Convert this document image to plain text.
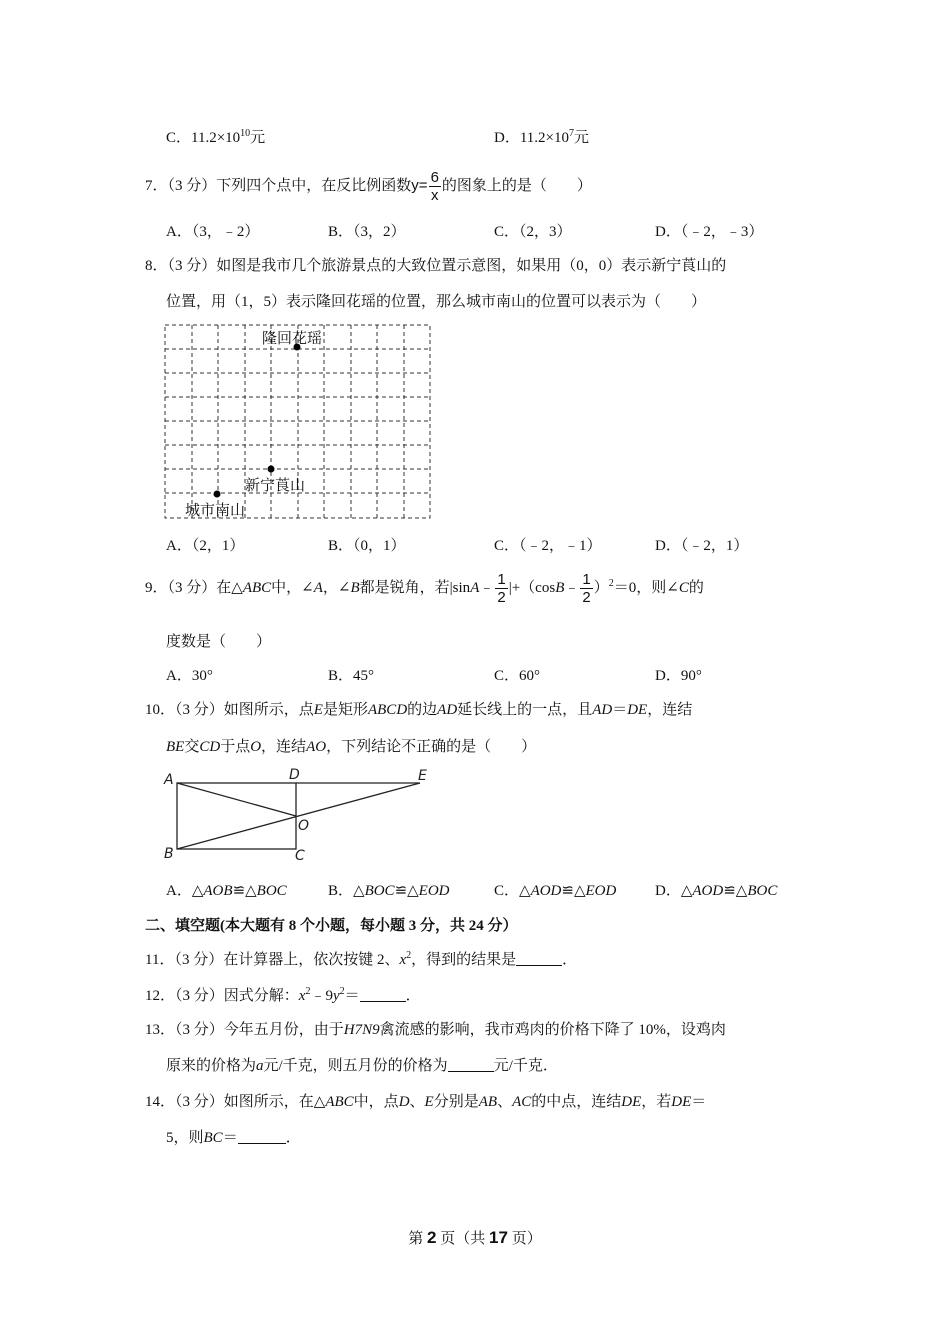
C．$11.2\times 10^{10}$元	D．$11.2\times 10^7$元
7．（3 分）下列四个点中，在反比例函数$y= \frac{6}{x}$ 的图象上的是（　　）
A．（3，﹣2）	B．（3，2）	C．（2，3）	D．（﹣2，﹣3）
8．（3 分）如图是我市几个旅游景点的大致位置示意图，如果用（0，0）表示新宁莨山的
位置，用（1，5）表示隆回花瑶的位置，那么城市南山的位置可以表示为（　　）
隆回花瑶
新宁莨山
城市南山
A．（2，1）	B．（0，1）	C．（﹣2，﹣1）	D．（﹣2，1）
9．（3 分）在△ABC中，∠A，∠B都是锐角，若|sinA﹣ $\frac{1}{2}$ |+（cosB﹣ $\frac{1}{2} )^2=0$，则∠C的
度数是（　　）
A．30°	B．45°	C．60°	D．90°
10．（3 分）如图所示，点E是矩形ABCD的边AD延长线上的一点，且AD＝DE，连结
BE交CD于点O，连结AO，下列结论不正确的是（　　）
A	D	E
O
B	C
A．△AOB≌△BOC	B．△BOC≌△EOD	C．△AOD≌△EOD	D．△AOD≌△BOC
二、填空题(本大题有 8 个小题，每小题 3 分，共 24 分）
11．（3 分）在计算器上，依次按键 2、$x^2$，得到的结果是	．
12．（3 分）因式分解：$x^2﹣9y^2=$	．
13．（3 分）今年五月份，由于H7N9禽流感的影响，我市鸡肉的价格下降了 10%，设鸡肉
原来的价格为a元/千克，则五月份的价格为	元/千克．
14．（3 分）如图所示，在△ABC中，点D、E分别是AB、AC的中点，连结DE，若DE＝
5，则BC＝	．
第 2 页（共 17 页）
